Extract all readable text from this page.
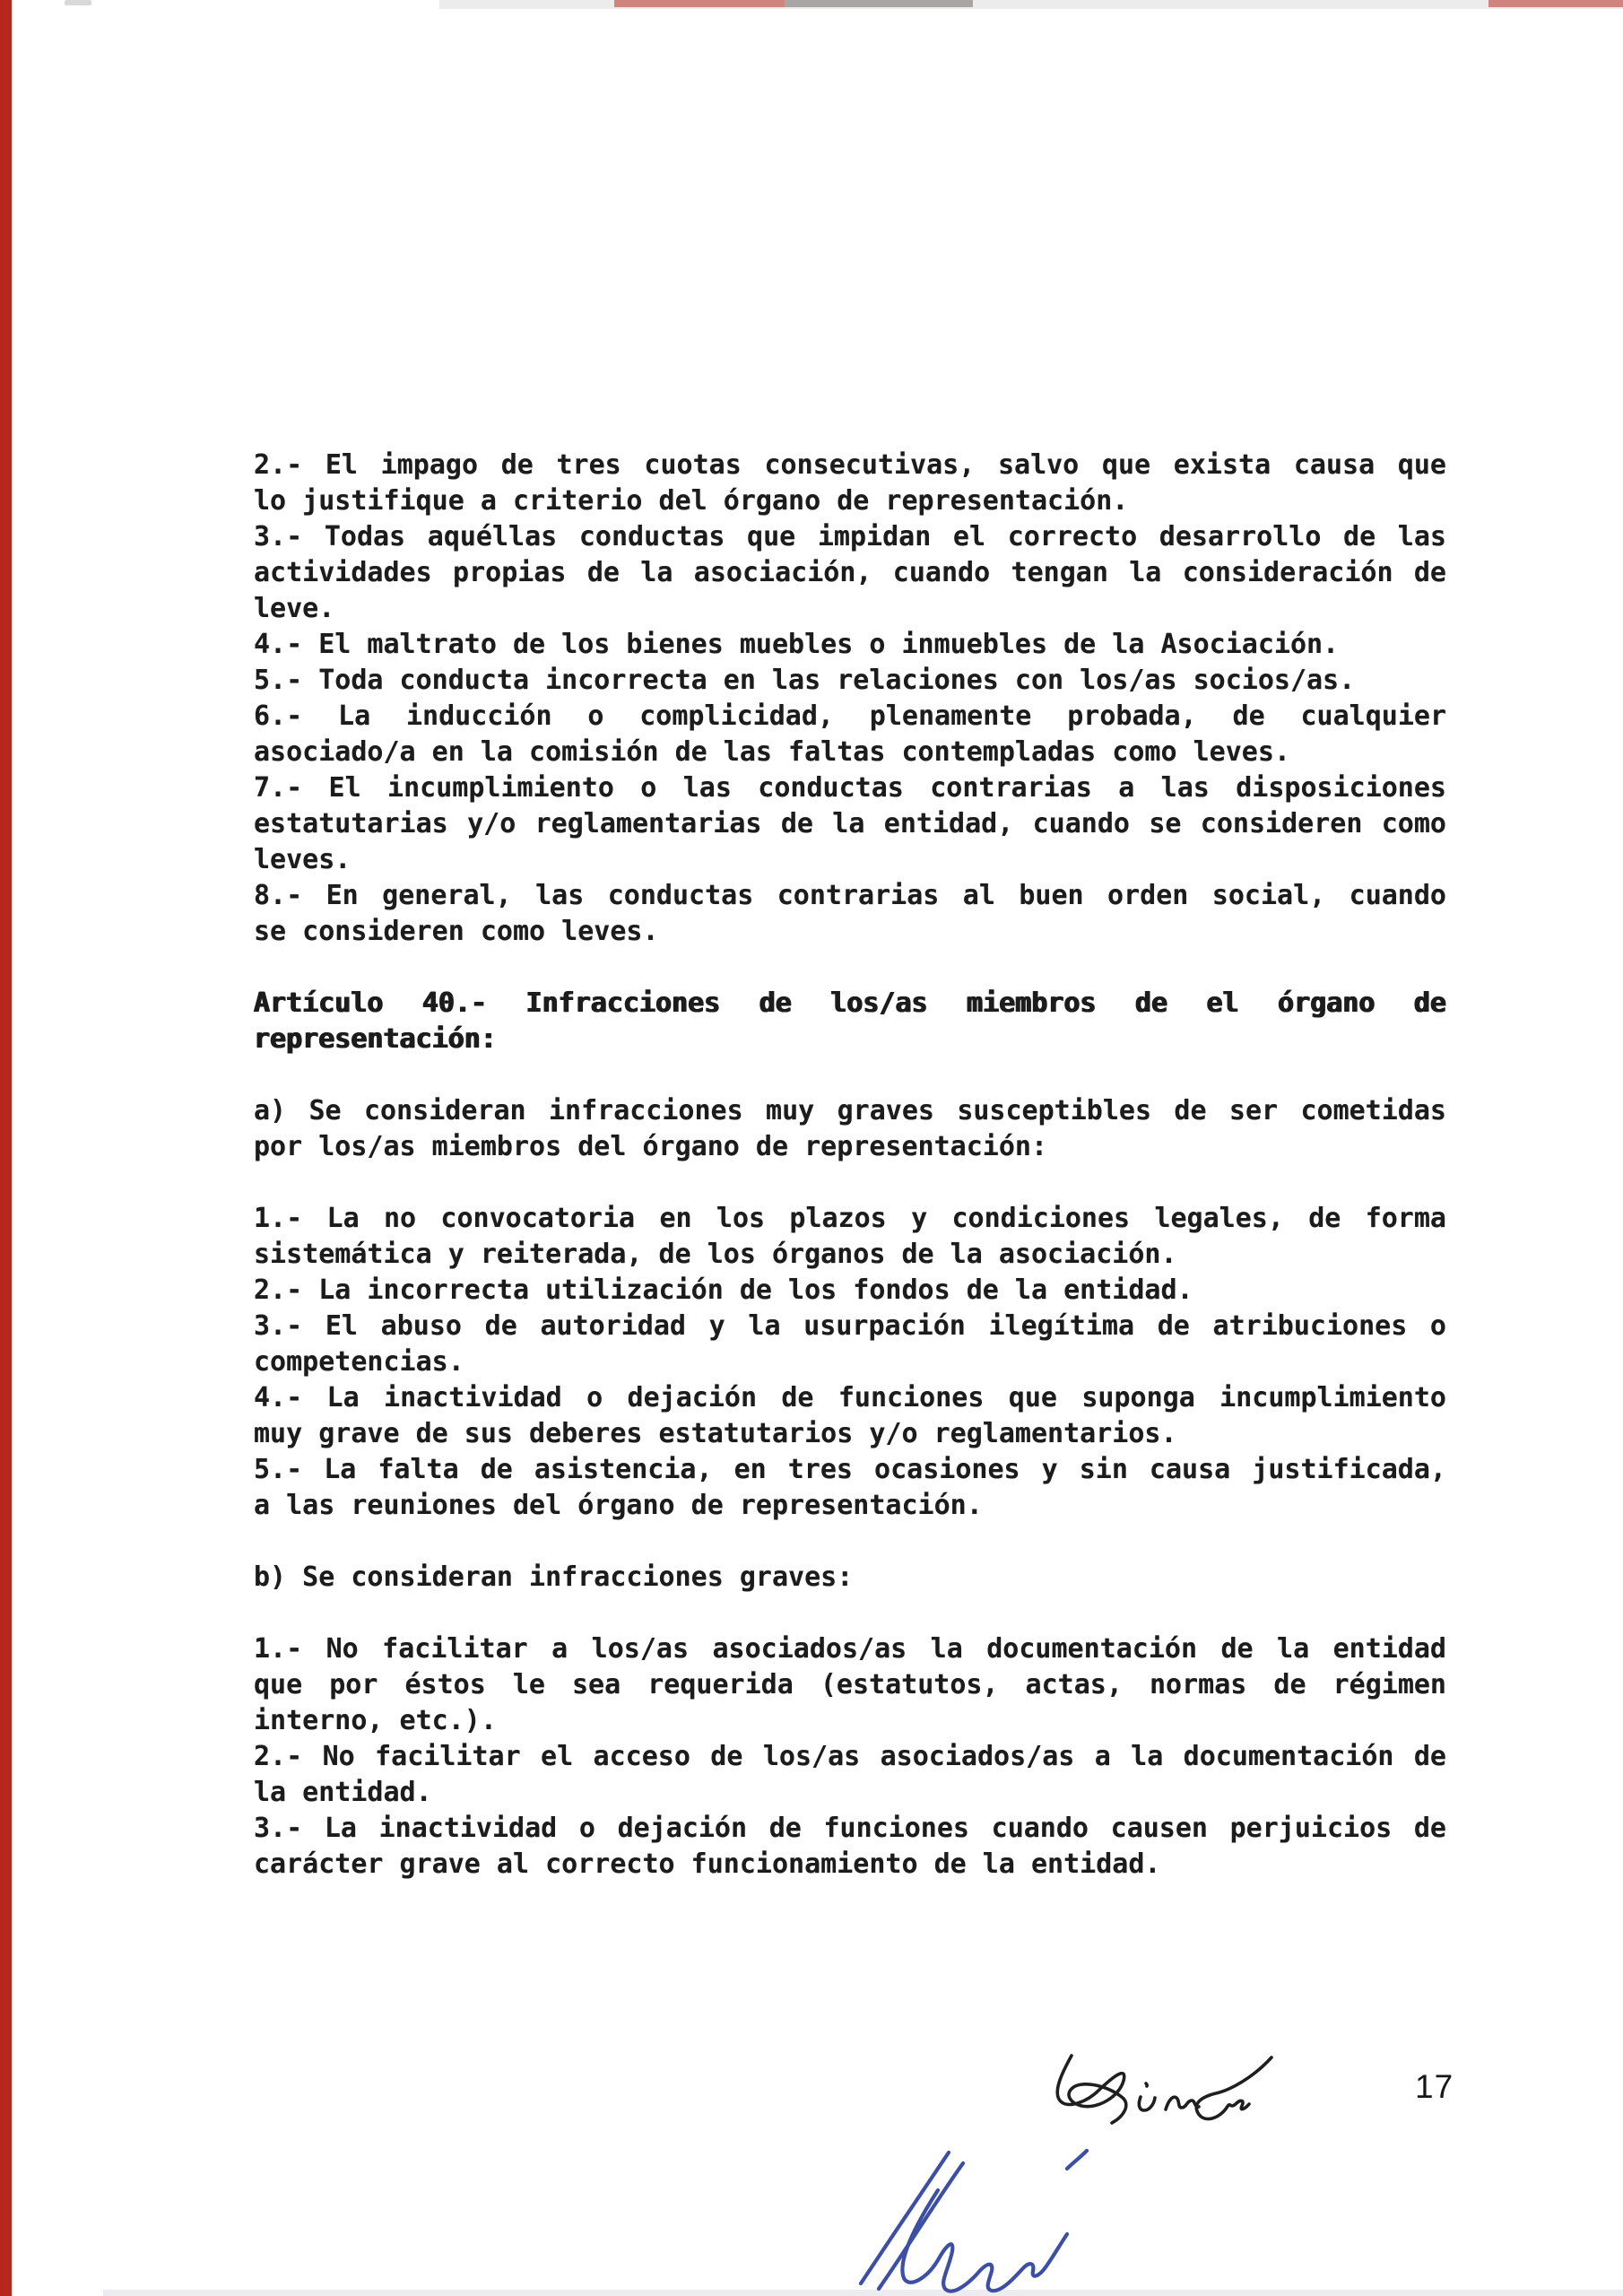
2.- El impago de tres cuotas consecutivas, salvo que exista causa que
lo justifique a criterio del órgano de representación.
3.- Todas aquéllas conductas que impidan el correcto desarrollo de las
actividades propias de la asociación, cuando tengan la consideración de
leve.
4.- El maltrato de los bienes muebles o inmuebles de la Asociación.
5.- Toda conducta incorrecta en las relaciones con los/as socios/as.
6.- La inducción o complicidad, plenamente probada, de cualquier
asociado/a en la comisión de las faltas contempladas como leves.
7.- El incumplimiento o las conductas contrarias a las disposiciones
estatutarias y/o reglamentarias de la entidad, cuando se consideren como
leves.
8.- En general, las conductas contrarias al buen orden social, cuando
se consideren como leves.
Artículo 40.- Infracciones de los/as miembros de el órgano de
representación:
a) Se consideran infracciones muy graves susceptibles de ser cometidas
por los/as miembros del órgano de representación:
1.- La no convocatoria en los plazos y condiciones legales, de forma
sistemática y reiterada, de los órganos de la asociación.
2.- La incorrecta utilización de los fondos de la entidad.
3.- El abuso de autoridad y la usurpación ilegítima de atribuciones o
competencias.
4.- La inactividad o dejación de funciones que suponga incumplimiento
muy grave de sus deberes estatutarios y/o reglamentarios.
5.- La falta de asistencia, en tres ocasiones y sin causa justificada,
a las reuniones del órgano de representación.
b) Se consideran infracciones graves:
1.- No facilitar a los/as asociados/as la documentación de la entidad
que por éstos le sea requerida (estatutos, actas, normas de régimen
interno, etc.).
2.- No facilitar el acceso de los/as asociados/as a la documentación de
la entidad.
3.- La inactividad o dejación de funciones cuando causen perjuicios de
carácter grave al correcto funcionamiento de la entidad.
17
